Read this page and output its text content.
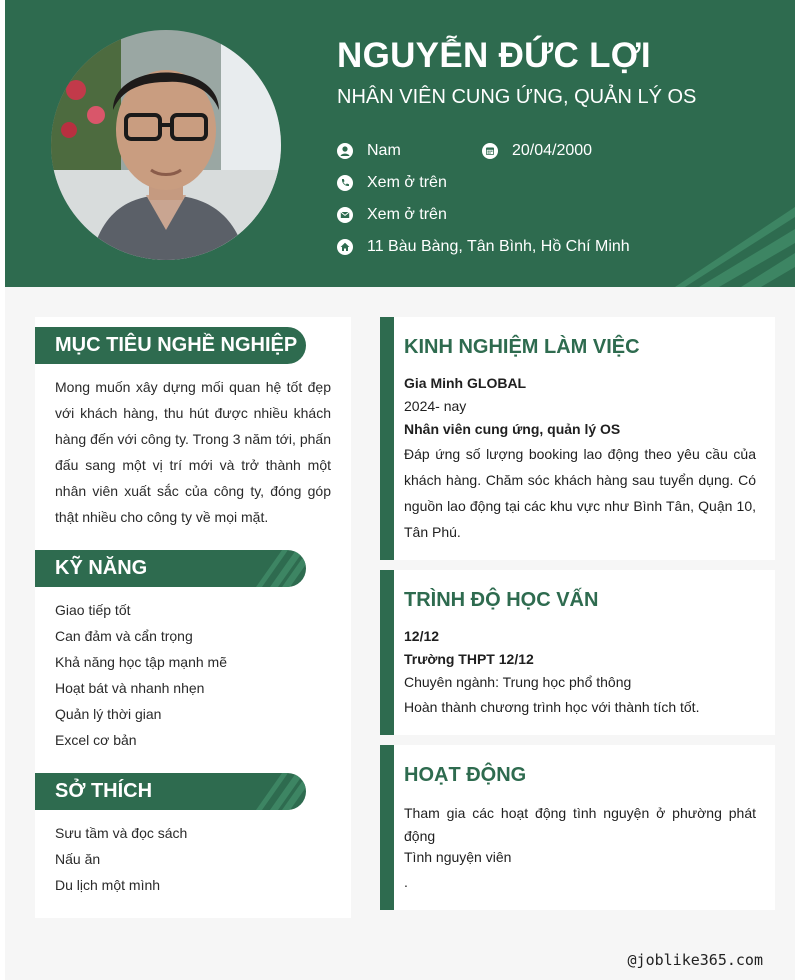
NGUYỄN ĐỨC LỢI
NHÂN VIÊN CUNG ỨNG, QUẢN LÝ OS
Nam	20/04/2000
Xem ở trên
Xem ở trên
11 Bàu Bàng, Tân Bình, Hồ Chí Minh
MỤC TIÊU NGHỀ NGHIỆP
Mong muốn xây dựng mối quan hệ tốt đẹp với khách hàng, thu hút được nhiều khách hàng đến với công ty. Trong 3 năm tới, phấn đấu sang một vị trí mới và trở thành một nhân viên xuất sắc của công ty, đóng góp thật nhiều cho công ty về mọi mặt.
KỸ NĂNG
Giao tiếp tốt
Can đảm và cẩn trọng
Khả năng học tập mạnh mẽ
Hoạt bát và nhanh nhẹn
Quản lý thời gian
Excel cơ bản
SỞ THÍCH
Sưu tầm và đọc sách
Nấu ăn
Du lịch một mình
KINH NGHIỆM LÀM VIỆC
Gia Minh GLOBAL
2024- nay
Nhân viên cung ứng, quản lý OS
Đáp ứng số lượng booking lao động theo yêu cầu của khách hàng. Chăm sóc khách hàng sau tuyển dụng. Có nguồn lao động tại các khu vực như Bình Tân, Quận 10, Tân Phú.
TRÌNH ĐỘ HỌC VẤN
12/12
Trường THPT 12/12
Chuyên ngành: Trung học phổ thông
Hoàn thành chương trình học với thành tích tốt.
HOẠT ĐỘNG
Tham gia các hoạt động tình nguyện ở phường phát động
Tình nguyện viên
.
@joblike365.com
